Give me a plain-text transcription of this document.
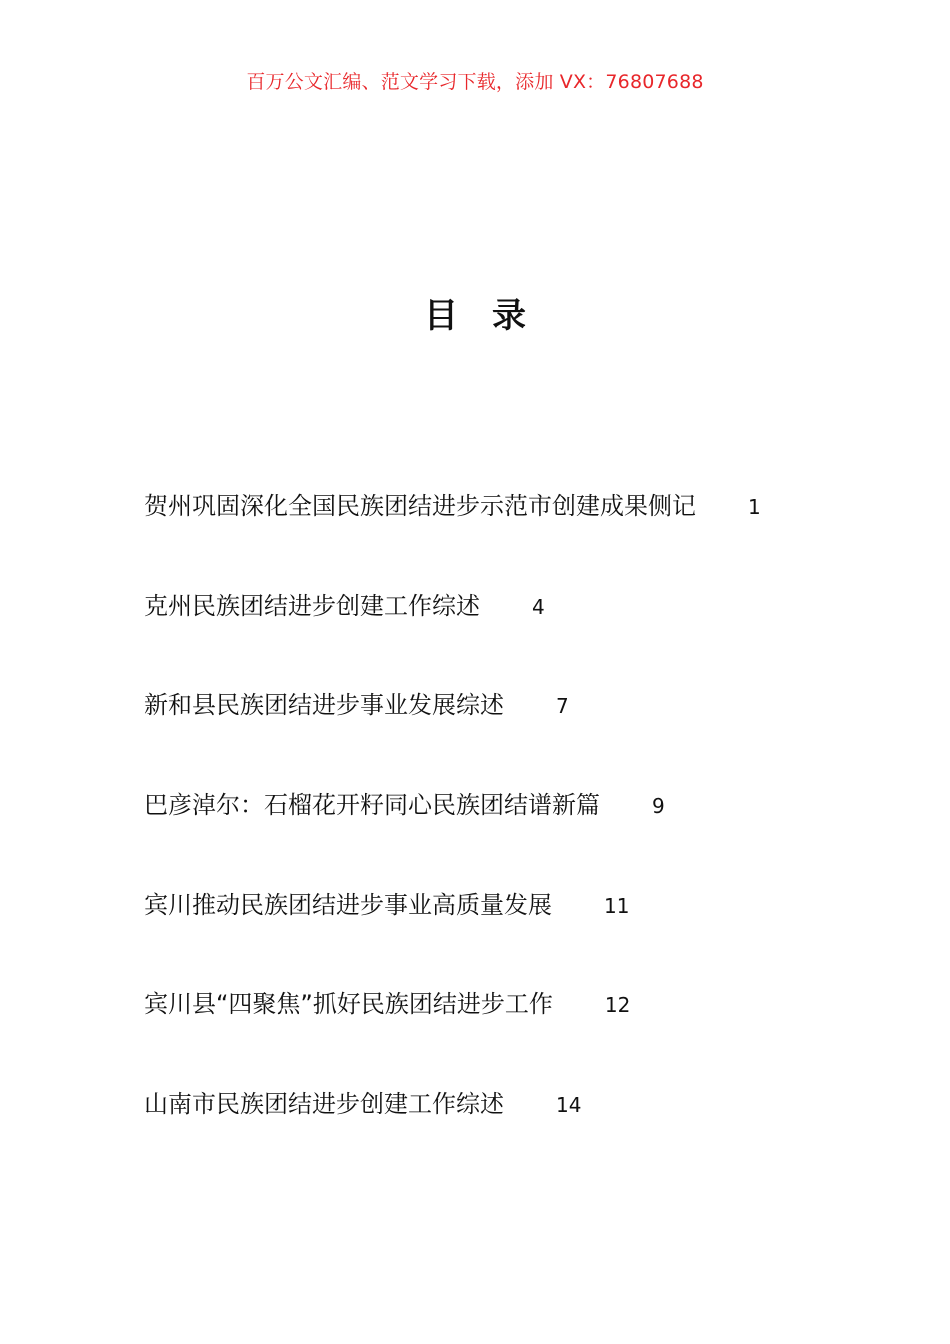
百万公文汇编、范文学习下载，添加 VX：76807688
目录
贺州巩固深化全国民族团结进步示范市创建成果侧记	1
克州民族团结进步创建工作综述	4
新和县民族团结进步事业发展综述	7
巴彦淖尔：石榴花开籽同心民族团结谱新篇	9
宾川推动民族团结进步事业高质量发展	11
宾川县“四聚焦”抓好民族团结进步工作	12
山南市民族团结进步创建工作综述	14
